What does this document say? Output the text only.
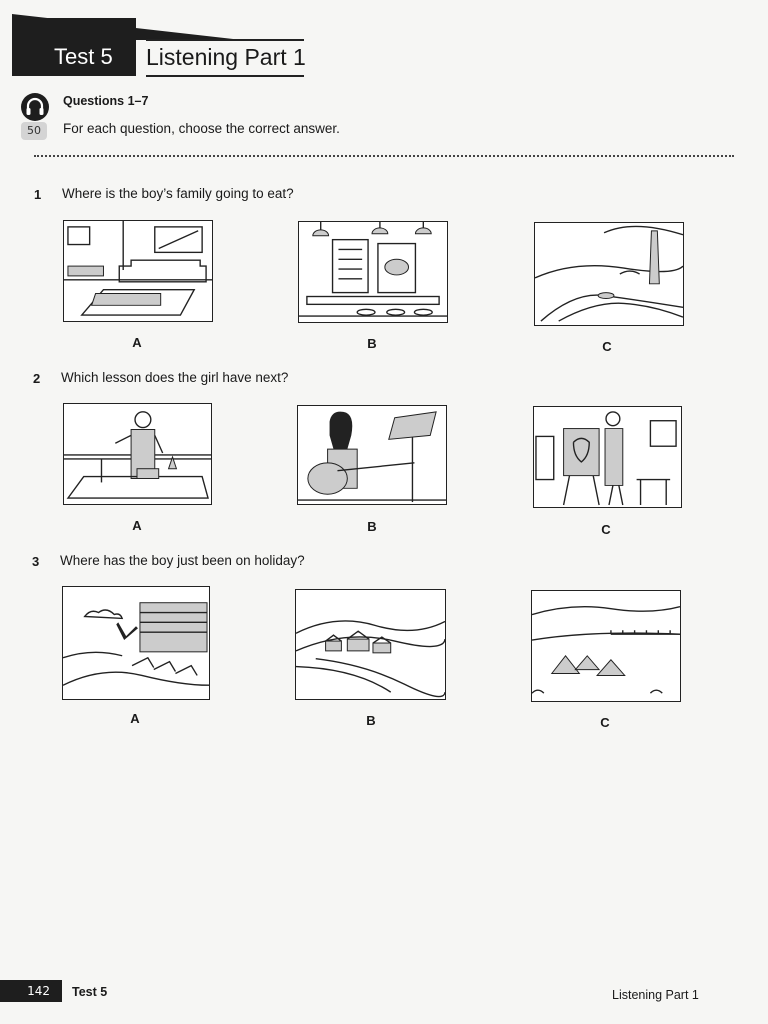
Test 5 Listening Part 1
50
Questions 1–7
For each question, choose the correct answer.
1 Where is the boy’s family going to eat?
A	B	C
2 Which lesson does the girl have next?
A	B	C
3 Where has the boy just been on holiday?
A	B	C
142	Test 5	Listening Part 1
